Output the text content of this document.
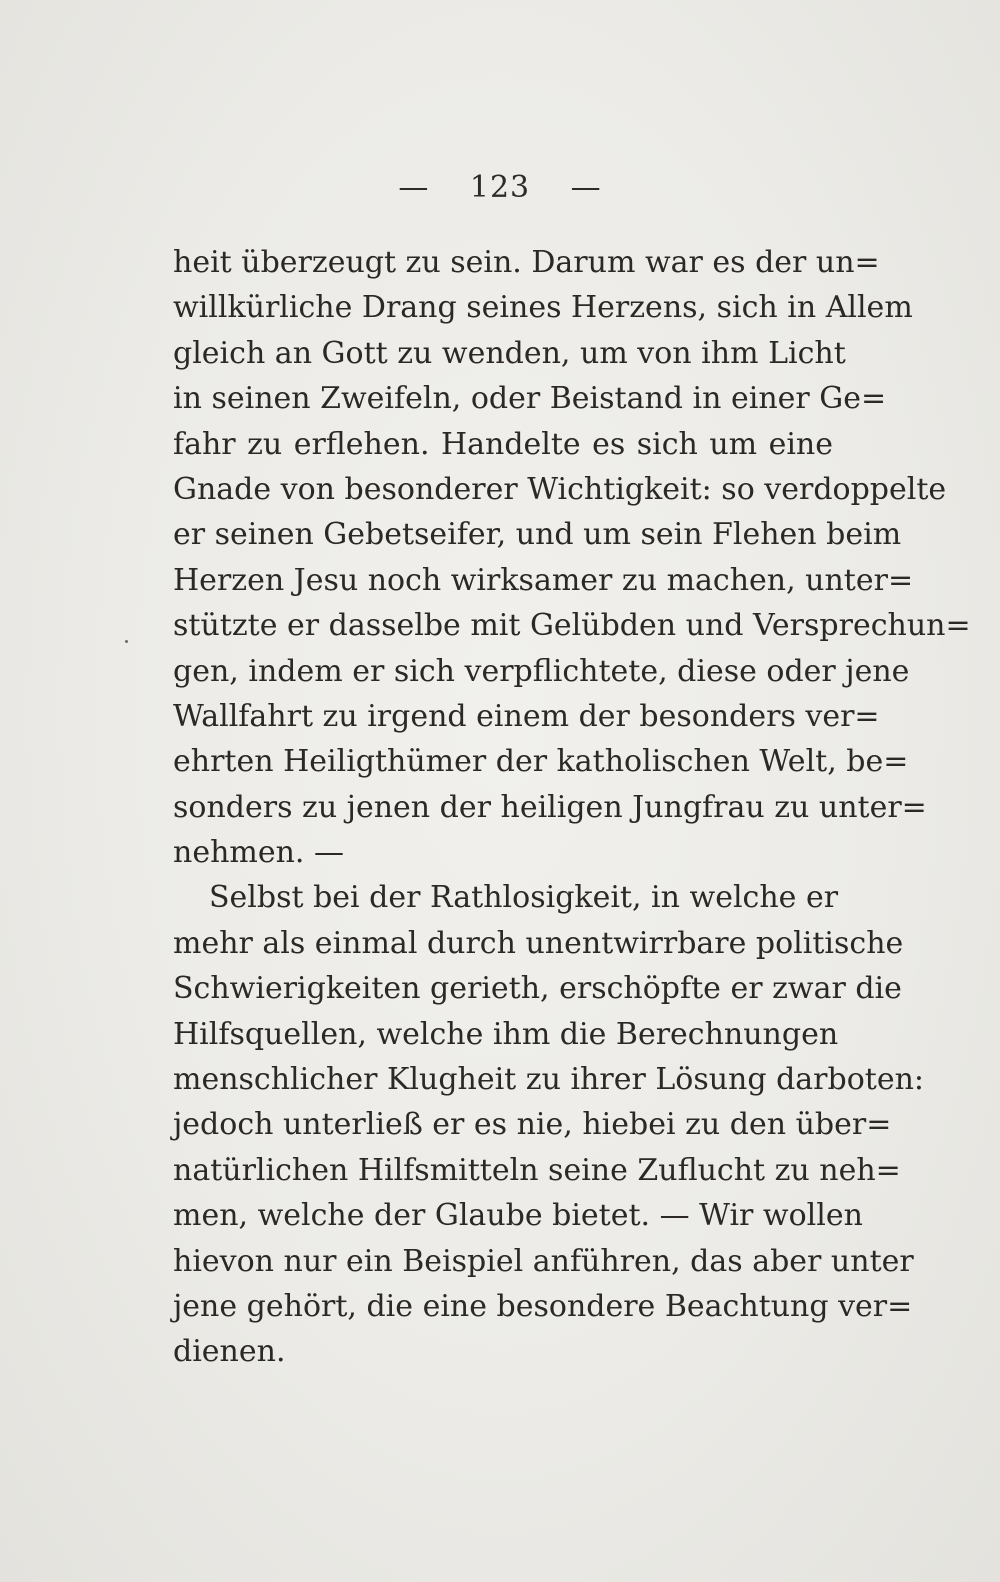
— 123 —
heit überzeugt zu sein. Darum war es der un=
willkürliche Drang seines Herzens, sich in Allem
gleich an Gott zu wenden, um von ihm Licht
in seinen Zweifeln, oder Beistand in einer Ge=
fahr zu erflehen. Handelte es sich um eine
Gnade von besonderer Wichtigkeit: so verdoppelte
er seinen Gebetseifer, und um sein Flehen beim
Herzen Jesu noch wirksamer zu machen, unter=
stützte er dasselbe mit Gelübden und Versprechun=
gen, indem er sich verpflichtete, diese oder jene
Wallfahrt zu irgend einem der besonders ver=
ehrten Heiligthümer der katholischen Welt, be=
sonders zu jenen der heiligen Jungfrau zu unter=
nehmen. —
Selbst bei der Rathlosigkeit, in welche er
mehr als einmal durch unentwirrbare politische
Schwierigkeiten gerieth, erschöpfte er zwar die
Hilfsquellen, welche ihm die Berechnungen
menschlicher Klugheit zu ihrer Lösung darboten:
jedoch unterließ er es nie, hiebei zu den über=
natürlichen Hilfsmitteln seine Zuflucht zu neh=
men, welche der Glaube bietet. — Wir wollen
hievon nur ein Beispiel anführen, das aber unter
jene gehört, die eine besondere Beachtung ver=
dienen.
